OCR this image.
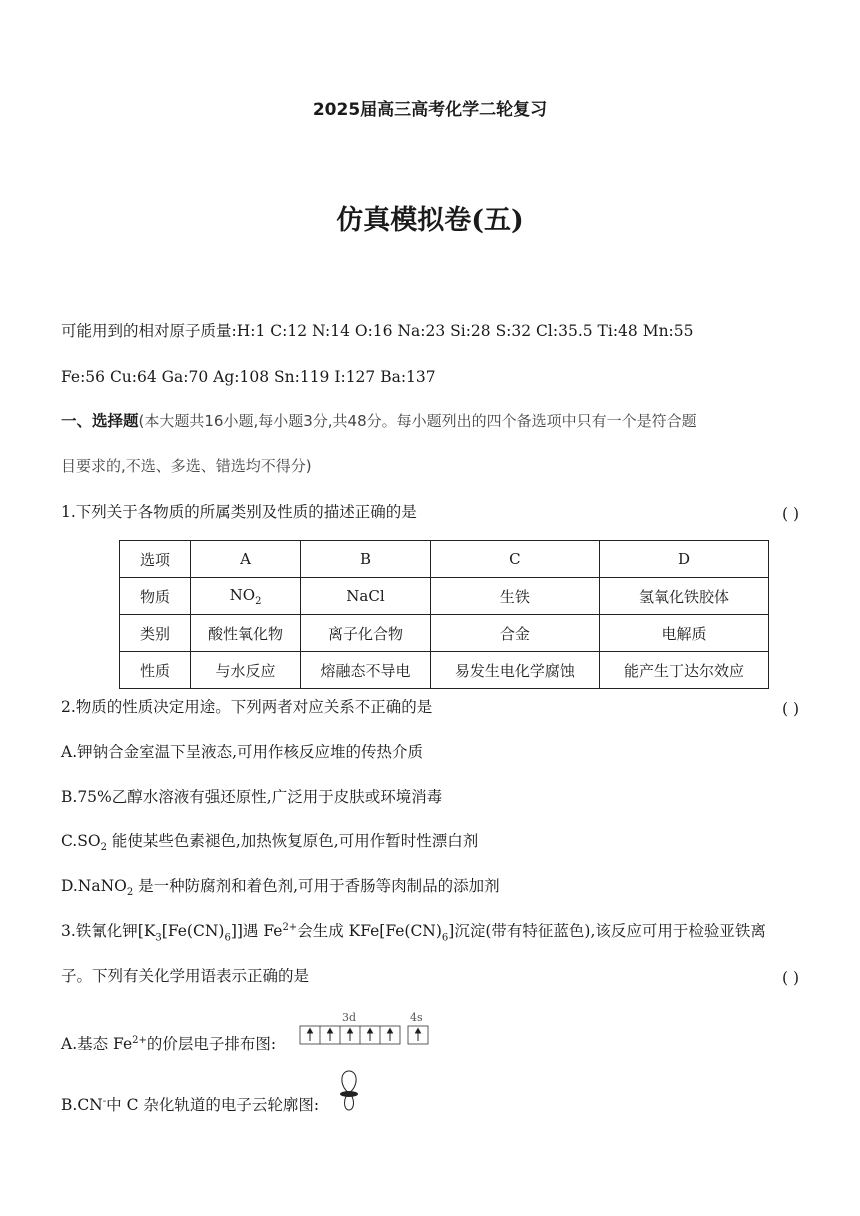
2025届高三高考化学二轮复习
仿真模拟卷(五)
可能用到的相对原子质量:H:1 C:12 N:14 O:16 Na:23 Si:28 S:32 Cl:35.5 Ti:48 Mn:55
Fe:56 Cu:64 Ga:70 Ag:108 Sn:119 I:127 Ba:137
一、选择题(本大题共16小题,每小题3分,共48分。每小题列出的四个备选项中只有一个是符合题
目要求的,不选、多选、错选均不得分)
1.下列关于各物质的所属类别及性质的描述正确的是	( )
选项	A	B	C	D
物质	$NO_2$	NaCl	生铁	氢氧化铁胶体
类别	酸性氧化物	离子化合物	合金	电解质
性质	与水反应	熔融态不导电	易发生电化学腐蚀	能产生丁达尔效应
2.物质的性质决定用途。下列两者对应关系不正确的是	( )
A.钾钠合金室温下呈液态,可用作核反应堆的传热介质
B.75%乙醇水溶液有强还原性,广泛用于皮肤或环境消毒
$C.SO_2$ 能使某些色素褪色,加热恢复原色,可用作暂时性漂白剂
D.NaNO$_2$ 是一种防腐剂和着色剂,可用于香肠等肉制品的添加剂
3.铁氰化钾$[K_3[Fe(CN)_6]]$遇 $Fe^{2+}$会生成 $KFe[Fe(CN)_6]$沉淀(带有特征蓝色),该反应可用于检验亚铁离
子。下列有关化学用语表示正确的是	( )
A.基态 $Fe^{2+}$的价层电子排布图:
3d	4s
B.CN-中 C 杂化轨道的电子云轮廓图:
